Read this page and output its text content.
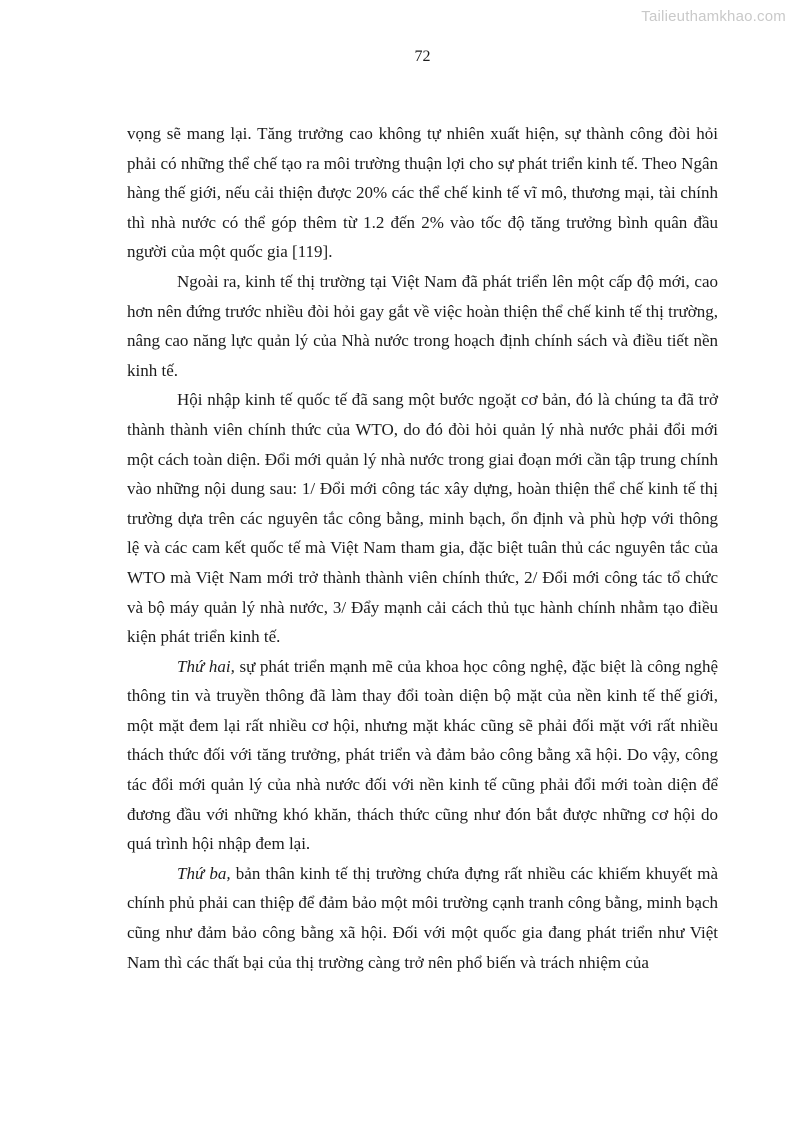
Tailieuthamkhao.com
72

vọng sẽ mang lại. Tăng trưởng cao không tự nhiên xuất hiện, sự thành công đòi hỏi phải có những thể chế tạo ra môi trường thuận lợi cho sự phát triển kinh tế. Theo Ngân hàng thế giới, nếu cải thiện được 20% các thể chế kinh tế vĩ mô, thương mại, tài chính thì nhà nước có thể góp thêm từ 1.2 đến 2% vào tốc độ tăng trưởng bình quân đầu người của một quốc gia [119].

Ngoài ra, kinh tế thị trường tại Việt Nam đã phát triển lên một cấp độ mới, cao hơn nên đứng trước nhiều đòi hỏi gay gắt về việc hoàn thiện thể chế kinh tế thị trường, nâng cao năng lực quản lý của Nhà nước trong hoạch định chính sách và điều tiết nền kinh tế.

Hội nhập kinh tế quốc tế đã sang một bước ngoặt cơ bản, đó là chúng ta đã trở thành thành viên chính thức của WTO, do đó đòi hỏi quản lý nhà nước phải đổi mới một cách toàn diện. Đổi mới quản lý nhà nước trong giai đoạn mới cần tập trung chính vào những nội dung sau: 1/ Đổi mới công tác xây dựng, hoàn thiện thể chế kinh tế thị trường dựa trên các nguyên tắc công bằng, minh bạch, ổn định và phù hợp với thông lệ và các cam kết quốc tế mà Việt Nam tham gia, đặc biệt tuân thủ các nguyên tắc của WTO mà Việt Nam mới trở thành thành viên chính thức, 2/ Đổi mới công tác tổ chức và bộ máy quản lý nhà nước, 3/ Đẩy mạnh cải cách thủ tục hành chính nhằm tạo điều kiện phát triển kinh tế.

Thứ hai, sự phát triển mạnh mẽ của khoa học công nghệ, đặc biệt là công nghệ thông tin và truyền thông đã làm thay đổi toàn diện bộ mặt của nền kinh tế thế giới, một mặt đem lại rất nhiều cơ hội, nhưng mặt khác cũng sẽ phải đối mặt với rất nhiều thách thức đối với tăng trưởng, phát triển và đảm bảo công bằng xã hội. Do vậy, công tác đổi mới quản lý của nhà nước đối với nền kinh tế cũng phải đổi mới toàn diện để đương đầu với những khó khăn, thách thức cũng như đón bắt được những cơ hội do quá trình hội nhập đem lại.

Thứ ba, bản thân kinh tế thị trường chứa đựng rất nhiều các khiếm khuyết mà chính phủ phải can thiệp để đảm bảo một môi trường cạnh tranh công bằng, minh bạch cũng như đảm bảo công bằng xã hội. Đối với một quốc gia đang phát triển như Việt Nam thì các thất bại của thị trường càng trở nên phổ biến và trách nhiệm của
